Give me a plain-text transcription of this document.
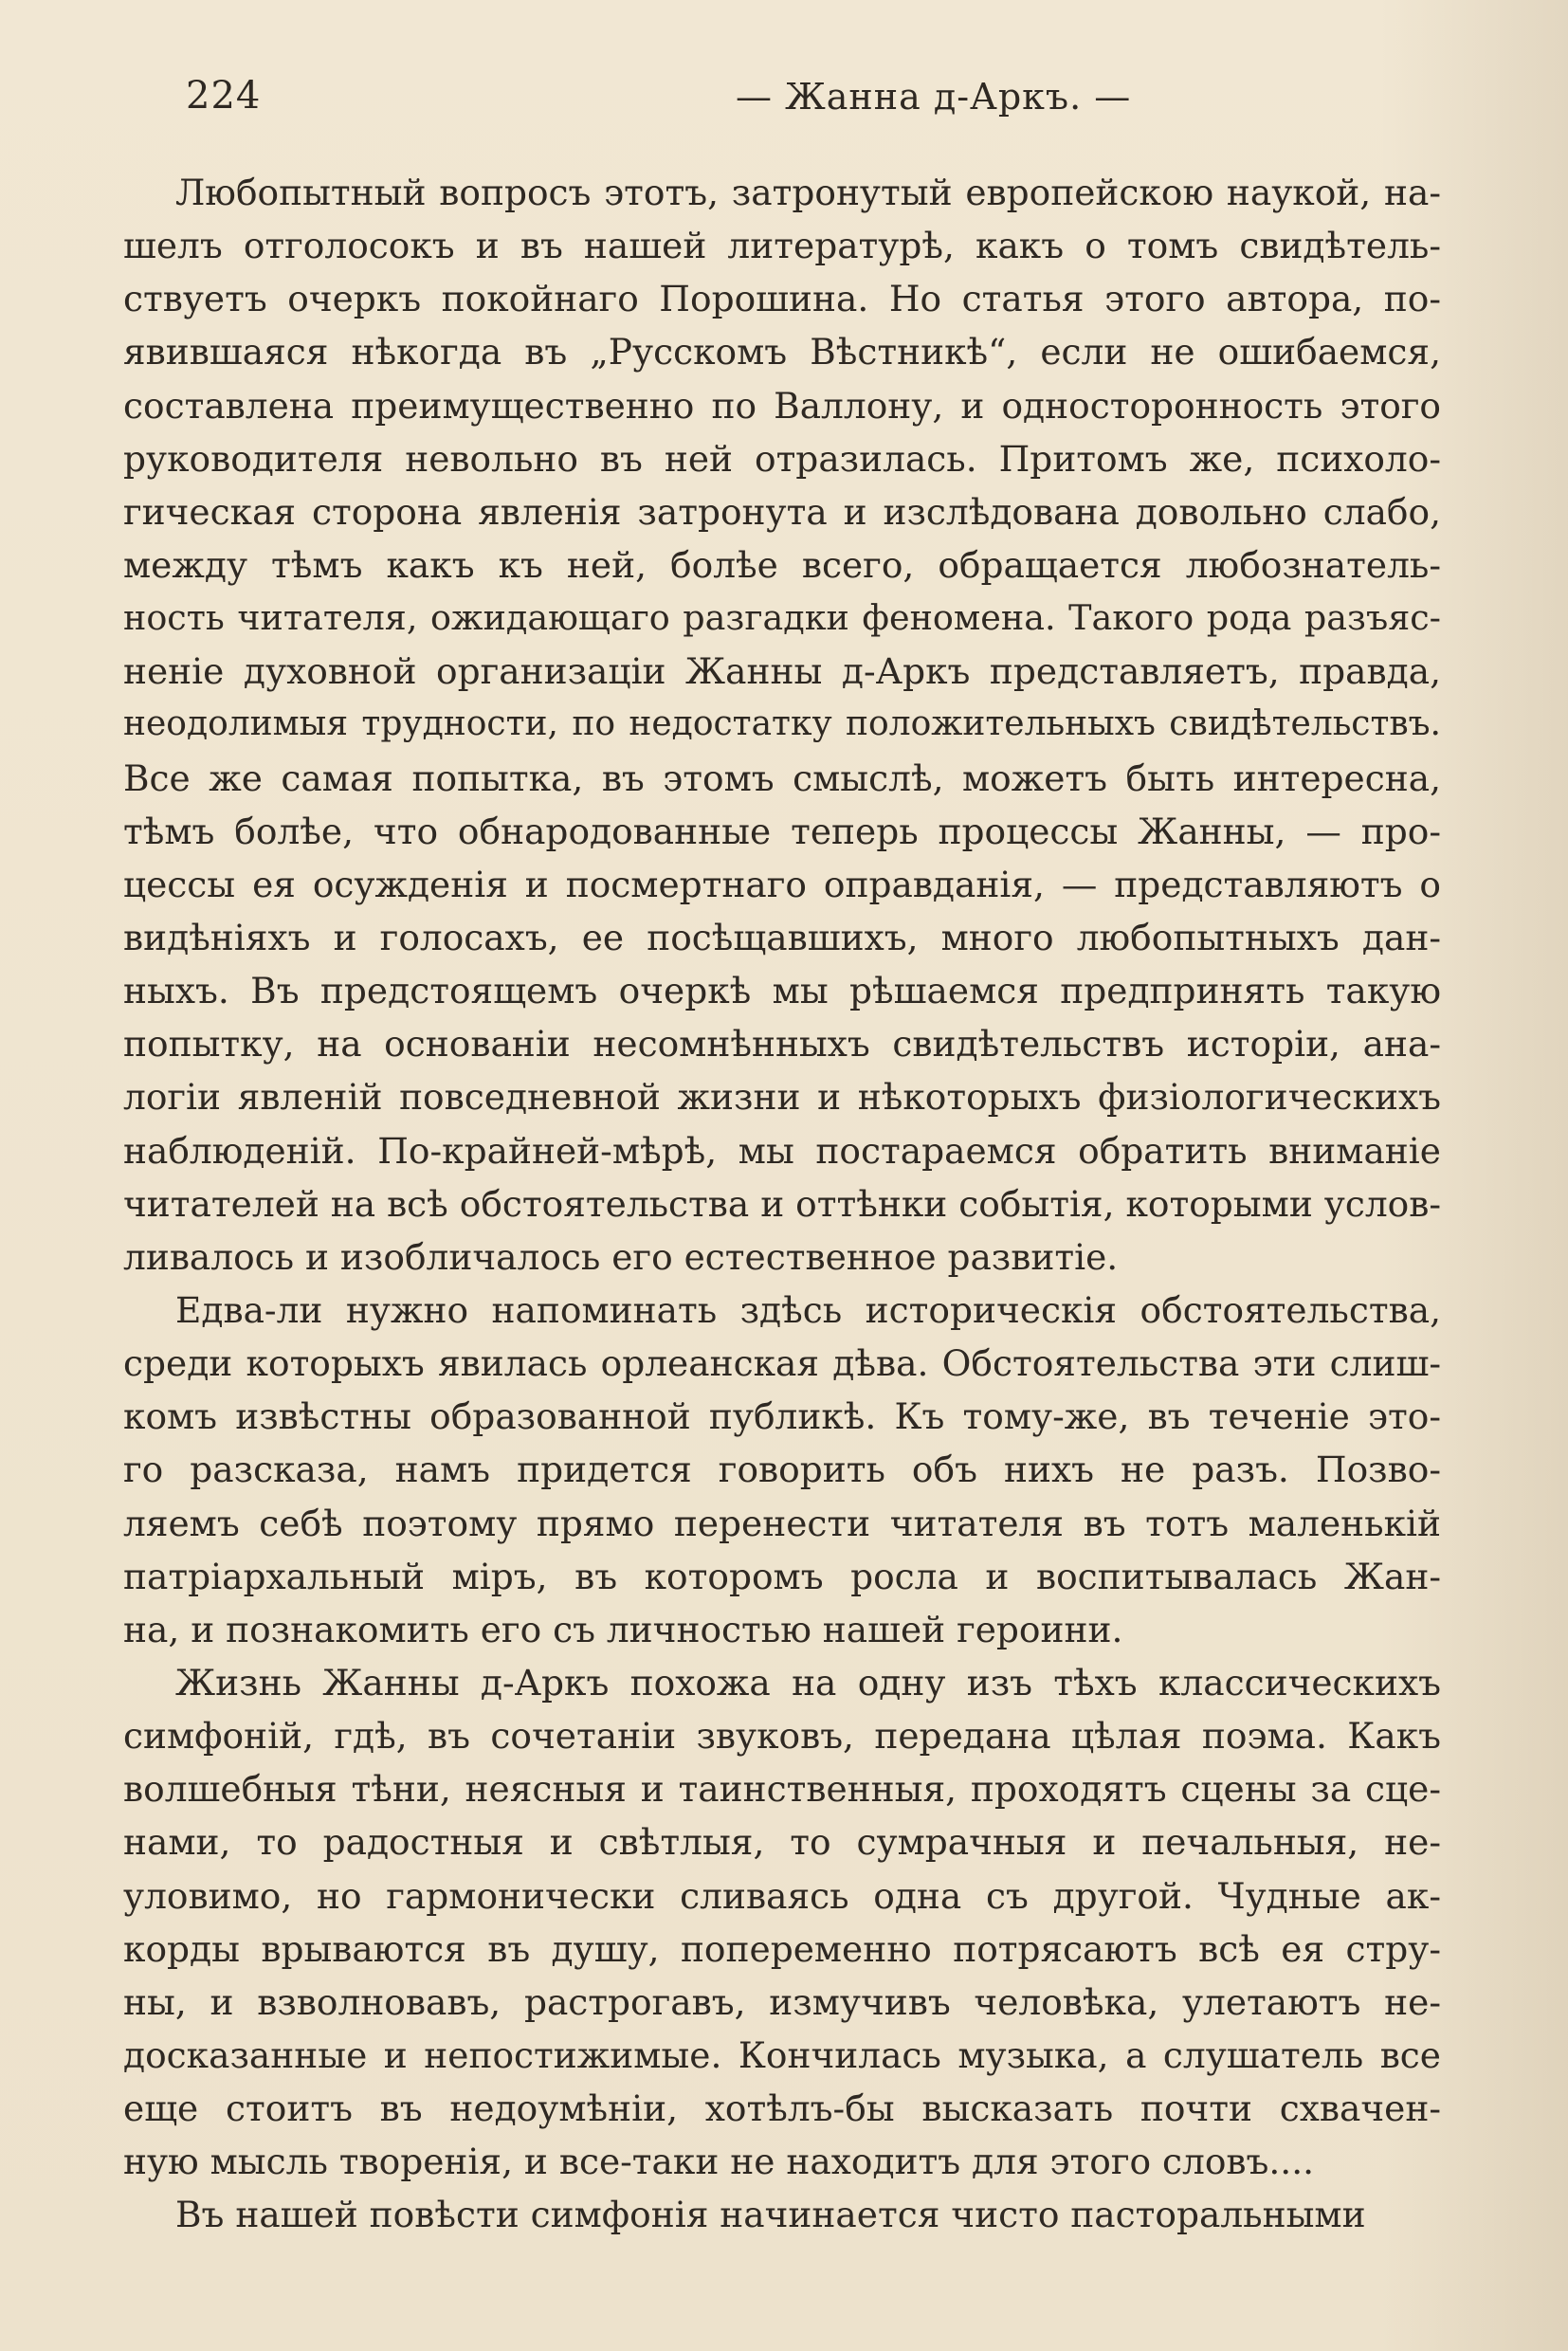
224	— Жанна д-Аркъ. —
Любопытный вопросъ этотъ, затронутый европейскою наукой, на-
шелъ отголосокъ и въ нашей литературѣ, какъ о томъ свидѣтель-
ствуетъ очеркъ покойнаго Порошина. Но статья этого автора, по-
явившаяся нѣкогда въ „Русскомъ Вѣстникѣ“, если не ошибаемся,
составлена преимущественно по Валлону, и односторонность этого
руководителя невольно въ ней отразилась. Притомъ же, психоло-
гическая сторона явленія затронута и изслѣдована довольно слабо,
между тѣмъ какъ къ ней, болѣе всего, обращается любознатель-
ность читателя, ожидающаго разгадки феномена. Такого рода разъяс-
неніе духовной организаціи Жанны д-Аркъ представляетъ, правда,
неодолимыя трудности, по недостатку положительныхъ свидѣтельствъ.
Все же самая попытка, въ этомъ смыслѣ, можетъ быть интересна,
тѣмъ болѣе, что обнародованные теперь процессы Жанны, — про-
цессы ея осужденія и посмертнаго оправданія, — представляютъ о
видѣніяхъ и голосахъ, ее посѣщавшихъ, много любопытныхъ дан-
ныхъ. Въ предстоящемъ очеркѣ мы рѣшаемся предпринять такую
попытку, на основаніи несомнѣнныхъ свидѣтельствъ исторіи, ана-
логіи явленій повседневной жизни и нѣкоторыхъ физіологическихъ
наблюденій. По-крайней-мѣрѣ, мы постараемся обратить вниманіе
читателей на всѣ обстоятельства и оттѣнки событія, которыми услов-
ливалось и изобличалось его естественное развитіе.
Едва-ли нужно напоминать здѣсь историческія обстоятельства,
среди которыхъ явилась орлеанская дѣва. Обстоятельства эти слиш-
комъ извѣстны образованной публикѣ. Къ тому-же, въ теченіе это-
го разсказа, намъ придется говорить объ нихъ не разъ. Позво-
ляемъ себѣ поэтому прямо перенести читателя въ тотъ маленькій
патріархальный міръ, въ которомъ росла и воспитывалась Жан-
на, и познакомить его съ личностью нашей героини.
Жизнь Жанны д-Аркъ похожа на одну изъ тѣхъ классическихъ
симфоній, гдѣ, въ сочетаніи звуковъ, передана цѣлая поэма. Какъ
волшебныя тѣни, неясныя и таинственныя, проходятъ сцены за сце-
нами, то радостныя и свѣтлыя, то сумрачныя и печальныя, не-
уловимо, но гармонически сливаясь одна съ другой. Чудные ак-
корды врываются въ душу, попеременно потрясаютъ всѣ ея стру-
ны, и взволновавъ, растрогавъ, измучивъ человѣка, улетаютъ не-
досказанные и непостижимые. Кончилась музыка, а слушатель все
еще стоитъ въ недоумѣніи, хотѣлъ-бы высказать почти схвачен-
ную мысль творенія, и все-таки не находитъ для этого словъ....
Въ нашей повѣсти симфонія начинается чисто пасторальными
